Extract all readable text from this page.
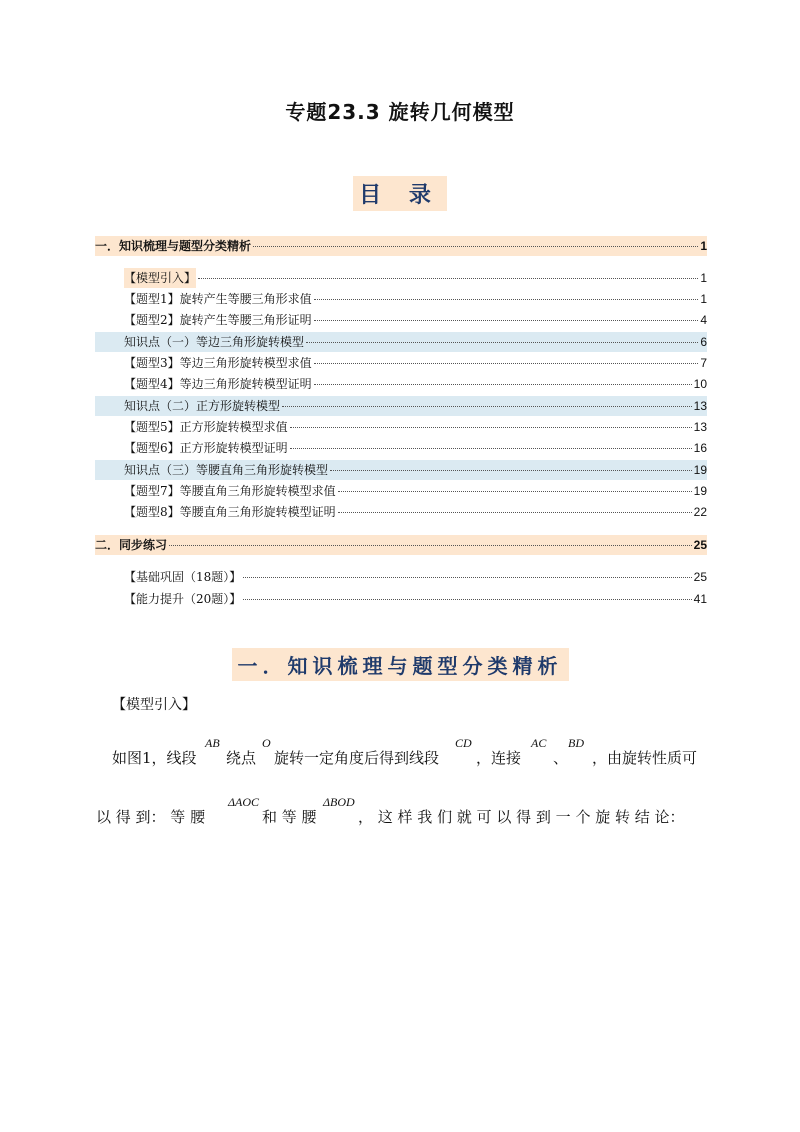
专题23.3 旋转几何模型
目 录
一．知识梳理与题型分类精析	1
【模型引入】	1
【题型1】旋转产生等腰三角形求值	1
【题型2】旋转产生等腰三角形证明	4
知识点（一）等边三角形旋转模型	6
【题型3】等边三角形旋转模型求值	7
【题型4】等边三角形旋转模型证明	10
知识点（二）正方形旋转模型	13
【题型5】正方形旋转模型求值	13
【题型6】正方形旋转模型证明	16
知识点（三）等腰直角三角形旋转模型	19
【题型7】等腰直角三角形旋转模型求值	19
【题型8】等腰直角三角形旋转模型证明	22
二．同步练习	25
【基础巩固（18题）】	25
【能力提升（20题）】	41
一．知识梳理与题型分类精析
【模型引入】
如图1，线段
AB
绕点
O
旋转一定角度后得到线段
CD
，连接
AC
、
BD
，由旋转性质可
以 得 到： 等 腰
ΔAOC
和 等 腰
ΔBOD
， 这 样 我 们 就 可 以 得 到 一 个 旋 转 结 论：
